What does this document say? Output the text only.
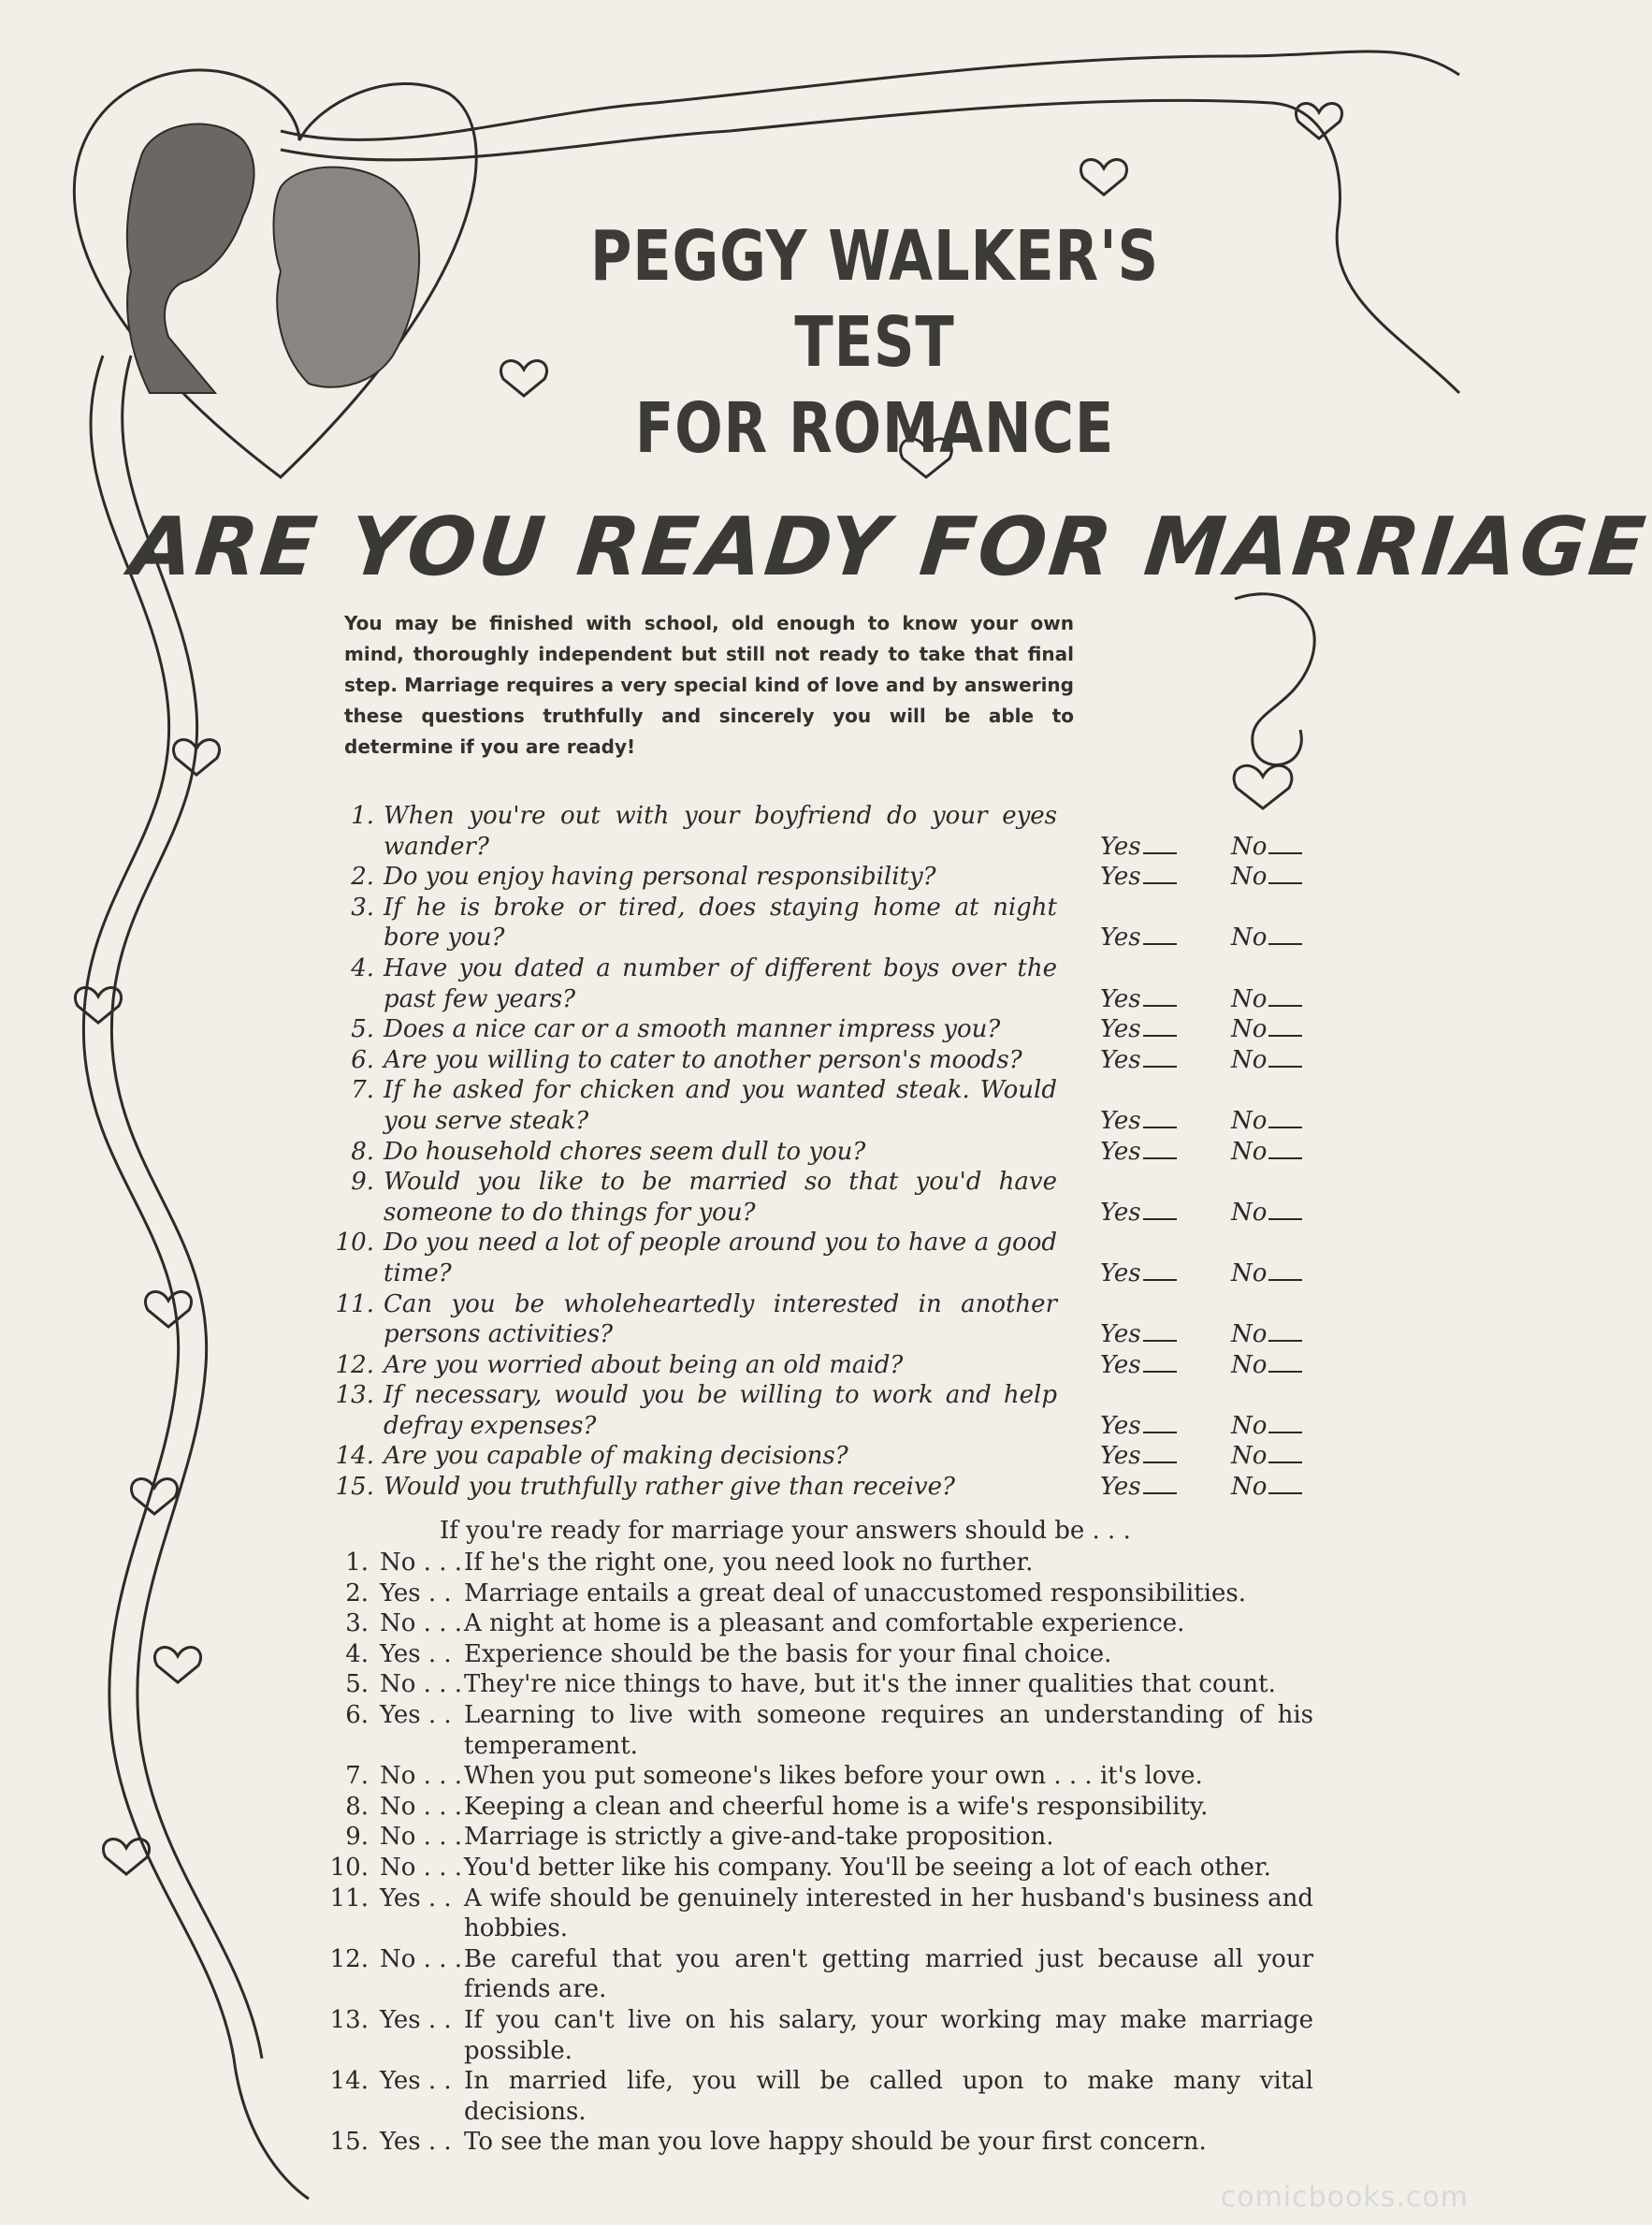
PEGGY WALKER'S TEST
FOR ROMANCE
ARE YOU READY FOR MARRIAGE
You may be finished with school, old enough to know your own mind, thoroughly independent but still not ready to take that final step. Marriage requires a very special kind of love and by answering these questions truthfully and sincerely you will be able to determine if you are ready!
1. When you're out with your boyfriend do your eyes wander?	Yes	No
2. Do you enjoy having personal responsibility?	Yes	No
3. If he is broke or tired, does staying home at night bore you?	Yes	No
4. Have you dated a number of different boys over the past few years?	Yes	No
5. Does a nice car or a smooth manner impress you?	Yes	No
6. Are you willing to cater to another person's moods?	Yes	No
7. If he asked for chicken and you wanted steak. Would you serve steak?	Yes	No
8. Do household chores seem dull to you?	Yes	No
9. Would you like to be married so that you'd have someone to do things for you?	Yes	No
10. Do you need a lot of people around you to have a good time?	Yes	No
11. Can you be wholeheartedly interested in another persons activities?	Yes	No
12. Are you worried about being an old maid?	Yes	No
13. If necessary, would you be willing to work and help defray expenses?	Yes	No
14. Are you capable of making decisions?	Yes	No
15. Would you truthfully rather give than receive?	Yes	No
If you're ready for marriage your answers should be . . .
1. No . . . If he's the right one, you need look no further.
2. Yes . . Marriage entails a great deal of unaccustomed responsibilities.
3. No . . . A night at home is a pleasant and comfortable experience.
4. Yes . . Experience should be the basis for your final choice.
5. No . . . They're nice things to have, but it's the inner qualities that count.
6. Yes . . Learning to live with someone requires an understanding of his temperament.
7. No . . . When you put someone's likes before your own . . . it's love.
8. No . . . Keeping a clean and cheerful home is a wife's responsibility.
9. No . . . Marriage is strictly a give-and-take proposition.
10. No . . . You'd better like his company. You'll be seeing a lot of each other.
11. Yes . . A wife should be genuinely interested in her husband's business and hobbies.
12. No . . . Be careful that you aren't getting married just because all your friends are.
13. Yes . . If you can't live on his salary, your working may make marriage possible.
14. Yes . . In married life, you will be called upon to make many vital decisions.
15. Yes . . To see the man you love happy should be your first concern.
comicbooks.com
